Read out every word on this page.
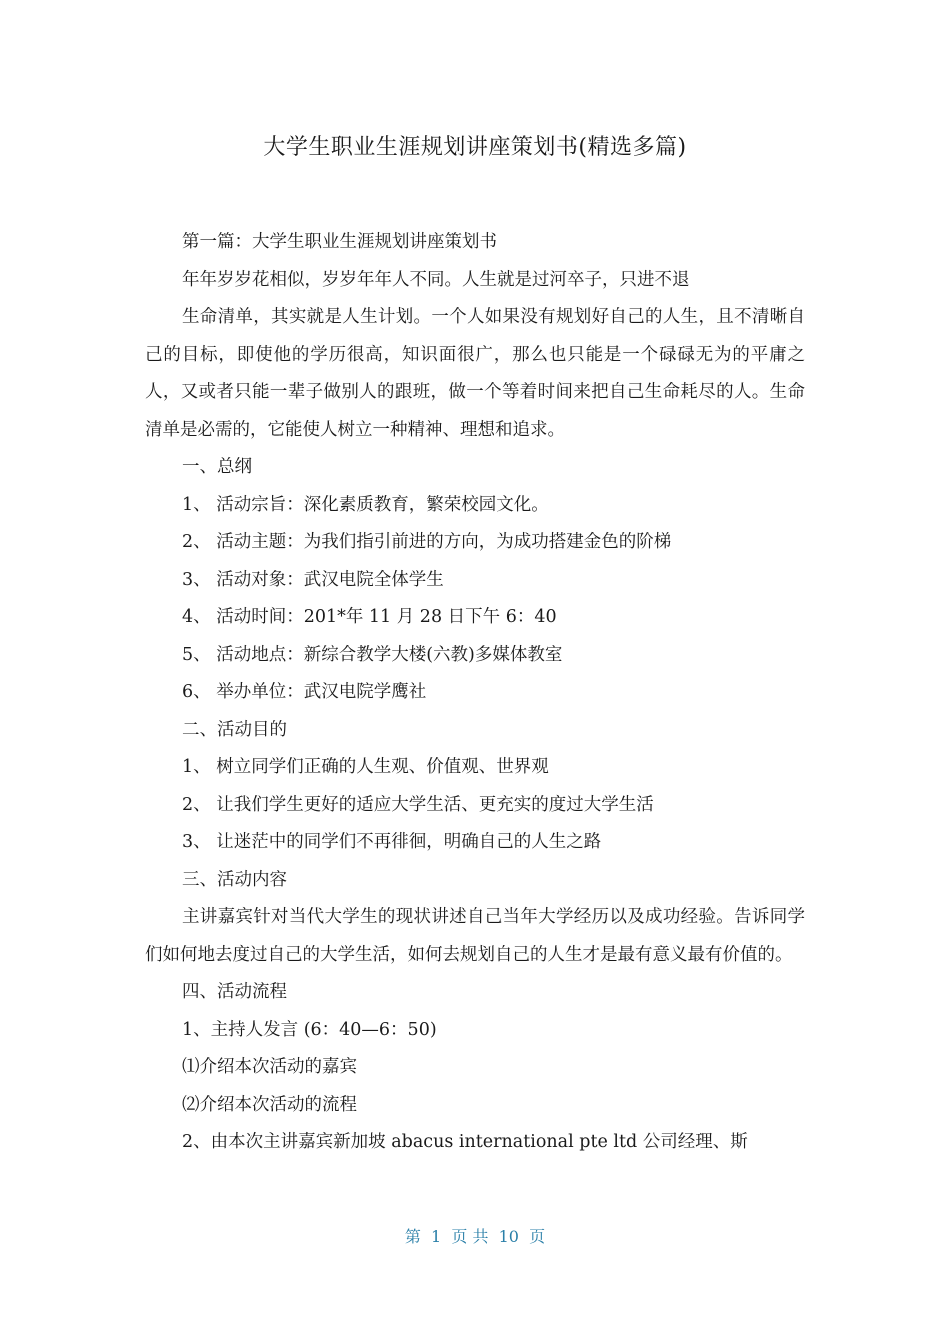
大学生职业生涯规划讲座策划书(精选多篇)

第一篇：大学生职业生涯规划讲座策划书

年年岁岁花相似，岁岁年年人不同。人生就是过河卒子，只进不退

生命清单，其实就是人生计划。一个人如果没有规划好自己的人生，且不清晰自己的目标，即使他的学历很高，知识面很广，那么也只能是一个碌碌无为的平庸之人，又或者只能一辈子做别人的跟班，做一个等着时间来把自己生命耗尽的人。生命清单是必需的，它能使人树立一种精神、理想和追求。

一、总纲

1、 活动宗旨：深化素质教育，繁荣校园文化。

2、 活动主题：为我们指引前进的方向，为成功搭建金色的阶梯

3、 活动对象：武汉电院全体学生

4、 活动时间：201*年 11 月 28 日下午 6：40

5、 活动地点：新综合教学大楼(六教)多媒体教室

6、 举办单位：武汉电院学鹰社

二、活动目的

1、 树立同学们正确的人生观、价值观、世界观

2、 让我们学生更好的适应大学生活、更充实的度过大学生活

3、 让迷茫中的同学们不再徘徊，明确自己的人生之路

三、活动内容

主讲嘉宾针对当代大学生的现状讲述自己当年大学经历以及成功经验。告诉同学们如何地去度过自己的大学生活，如何去规划自己的人生才是最有意义最有价值的。

四、活动流程

1、主持人发言 (6：40—6：50)

⑴介绍本次活动的嘉宾

⑵介绍本次活动的流程

2、由本次主讲嘉宾新加坡 abacus international pte ltd 公司经理、斯

第  1  页 共  10  页
